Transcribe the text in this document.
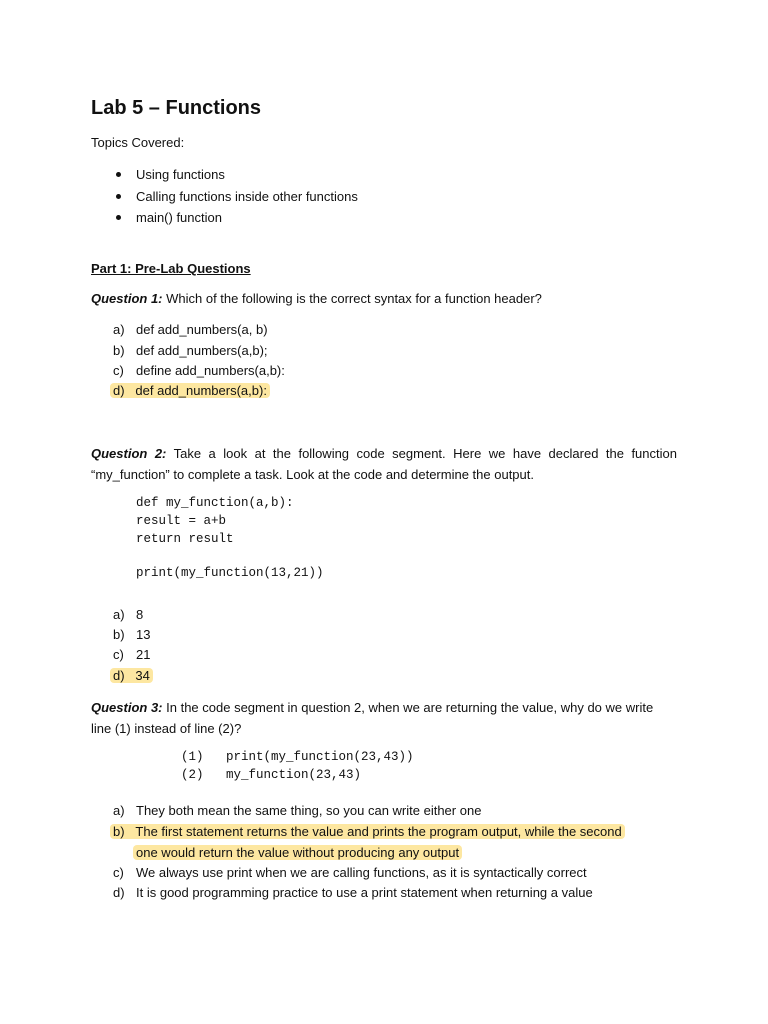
Lab 5 – Functions
Topics Covered:
Using functions
Calling functions inside other functions
main() function
Part 1: Pre-Lab Questions
Question 1: Which of the following is the correct syntax for a function header?
a) def add_numbers(a, b)
b) def add_numbers(a,b);
c) define add_numbers(a,b):
d) def add_numbers(a,b):
Question 2: Take a look at the following code segment. Here we have declared the function “my_function” to complete a task. Look at the code and determine the output.
def my_function(a,b):
result = a+b
return result
print(my_function(13,21))
a) 8
b) 13
c) 21
d) 34
Question 3: In the code segment in question 2, when we are returning the value, why do we write line (1) instead of line (2)?
(1) print(my_function(23,43))
(2) my_function(23,43)
a) They both mean the same thing, so you can write either one
b) The first statement returns the value and prints the program output, while the second
one would return the value without producing any output
c) We always use print when we are calling functions, as it is syntactically correct
d) It is good programming practice to use a print statement when returning a value
